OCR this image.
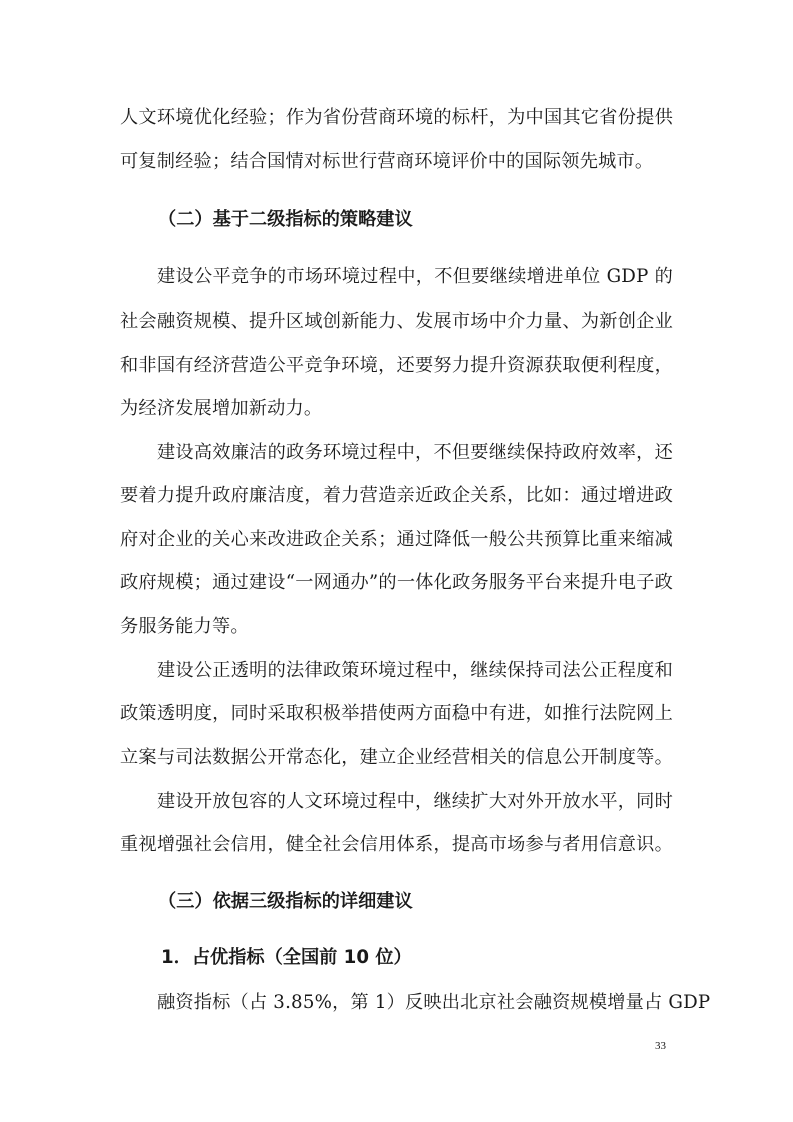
人文环境优化经验；作为省份营商环境的标杆，为中国其它省份提供
可复制经验；结合国情对标世行营商环境评价中的国际领先城市。
（二）基于二级指标的策略建议
建设公平竞争的市场环境过程中，不但要继续增进单位 GDP 的
社会融资规模、提升区域创新能力、发展市场中介力量、为新创企业
和非国有经济营造公平竞争环境，还要努力提升资源获取便利程度，
为经济发展增加新动力。
建设高效廉洁的政务环境过程中，不但要继续保持政府效率，还
要着力提升政府廉洁度，着力营造亲近政企关系，比如：通过增进政
府对企业的关心来改进政企关系；通过降低一般公共预算比重来缩减
政府规模；通过建设“一网通办”的一体化政务服务平台来提升电子政
务服务能力等。
建设公正透明的法律政策环境过程中，继续保持司法公正程度和
政策透明度，同时采取积极举措使两方面稳中有进，如推行法院网上
立案与司法数据公开常态化，建立企业经营相关的信息公开制度等。
建设开放包容的人文环境过程中，继续扩大对外开放水平，同时
重视增强社会信用，健全社会信用体系，提高市场参与者用信意识。
（三）依据三级指标的详细建议
1．占优指标（全国前 10 位）
融资指标（占 3.85%，第 1）反映出北京社会融资规模增量占 GDP
33
